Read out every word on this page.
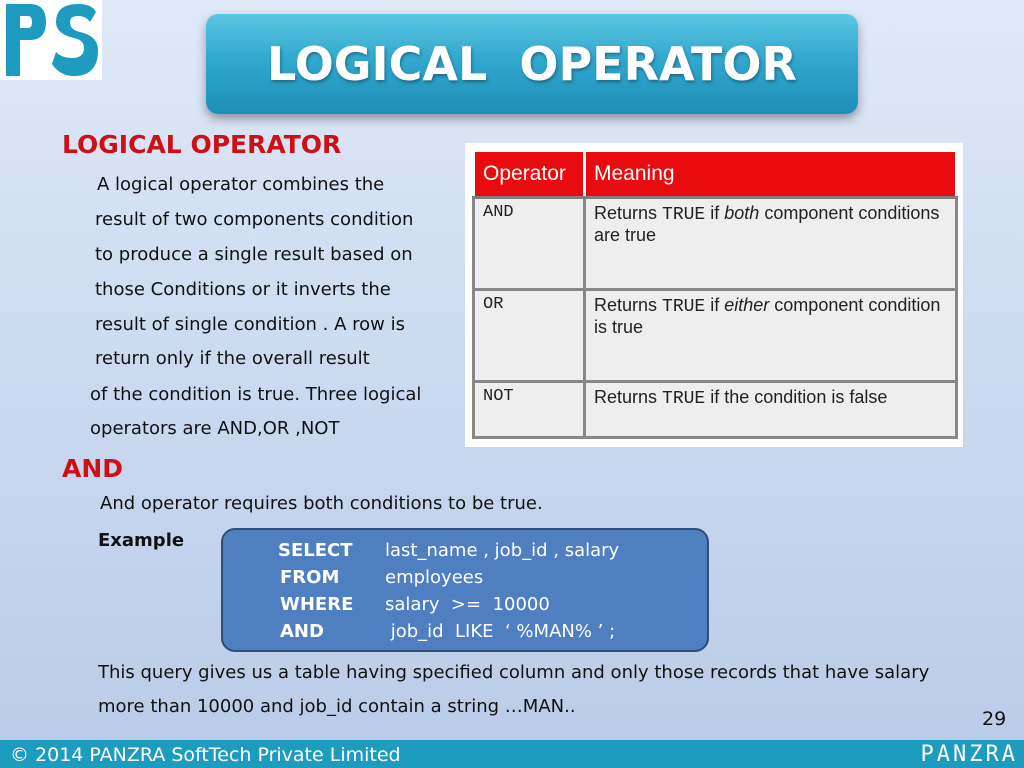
LOGICAL  OPERATOR
LOGICAL OPERATOR
A logical operator combines the
result of two components condition
to produce a single result based on
those Conditions or it inverts the
result of single condition . A row is
return only if the overall result
of the condition is true. Three logical
operators are AND,OR ,NOT
Operator	Meaning
AND	Returns TRUE if both component conditions are true
OR	Returns TRUE if either component condition is true
NOT	Returns TRUE if the condition is false
AND
And operator requires both conditions to be true.
Example	SELECT last_name , job_id , salary
FROM	employees
WHERE salary  >=  10000
AND	job_id  LIKE  ‘ %MAN% ’ ;
This query gives us a table having specified column and only those records that have salary
more than 10000 and job_id contain a string …MAN..
29
© 2014 PANZRA SoftTech Private Limited	PANZRA
